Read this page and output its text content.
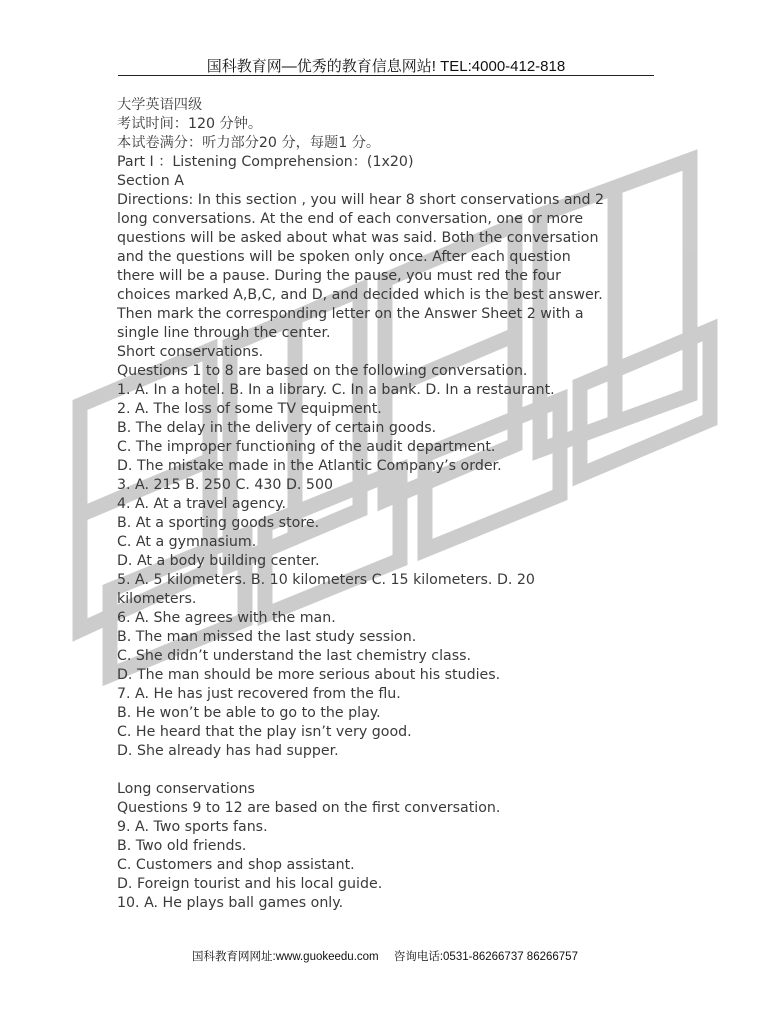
国科教育网—优秀的教育信息网站! TEL:4000-412-818
大学英语四级
考试时间：120 分钟。
本试卷满分：听力部分20 分，每题1 分。
Part I ：Listening Comprehension：(1x20)
Section A
Directions: In this section , you will hear 8 short conservations and 2
long conversations. At the end of each conversation, one or more
questions will be asked about what was said. Both the conversation
and the questions will be spoken only once. After each question
there will be a pause. During the pause, you must red the four
choices marked A,B,C, and D, and decided which is the best answer.
Then mark the corresponding letter on the Answer Sheet 2 with a
single line through the center.
Short conservations.
Questions 1 to 8 are based on the following conversation.
1. A. In a hotel. B. In a library. C. In a bank. D. In a restaurant.
2. A. The loss of some TV equipment.
B. The delay in the delivery of certain goods.
C. The improper functioning of the audit department.
D. The mistake made in the Atlantic Company’s order.
3. A. 215 B. 250 C. 430 D. 500
4. A. At a travel agency.
B. At a sporting goods store.
C. At a gymnasium.
D. At a body building center.
5. A. 5 kilometers. B. 10 kilometers C. 15 kilometers. D. 20
kilometers.
6. A. She agrees with the man.
B. The man missed the last study session.
C. She didn’t understand the last chemistry class.
D. The man should be more serious about his studies.
7. A. He has just recovered from the flu.
B. He won’t be able to go to the play.
C. He heard that the play isn’t very good.
D. She already has had supper.
Long conservations
Questions 9 to 12 are based on the first conversation.
9. A. Two sports fans.
B. Two old friends.
C. Customers and shop assistant.
D. Foreign tourist and his local guide.
10. A. He plays ball games only.
国科教育网网址:www.guokeedu.com 咨询电话:0531-86266737 86266757
